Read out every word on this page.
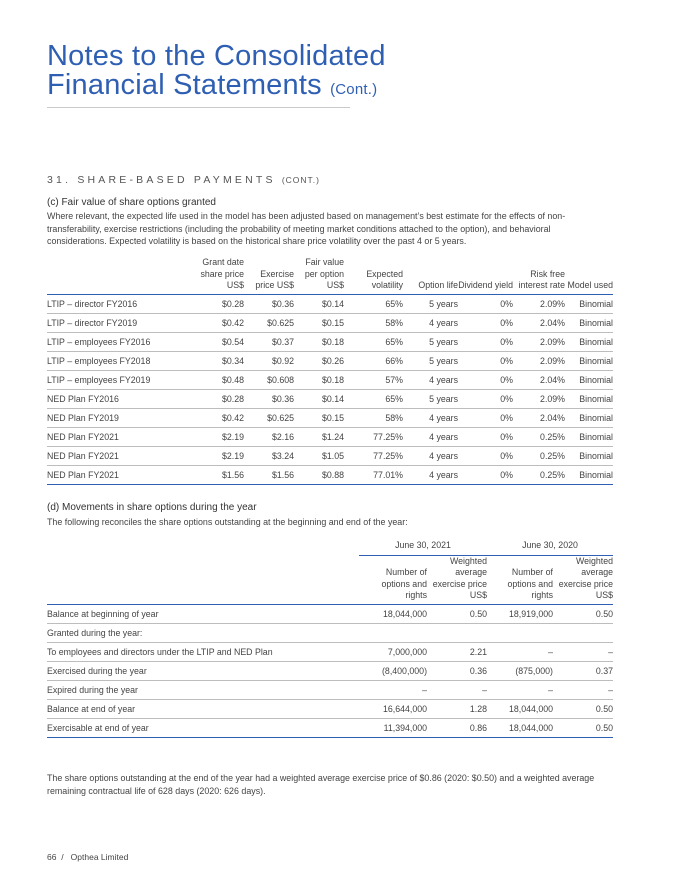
Notes to the Consolidated
Financial Statements (Cont.)
31. SHARE-BASED PAYMENTS (CONT.)
(c) Fair value of share options granted
Where relevant, the expected life used in the model has been adjusted based on management’s best estimate for the effects of non-transferability, exercise restrictions (including the probability of meeting market conditions attached to the option), and behavioral considerations. Expected volatility is based on the historical share price volatility over the past 4 or 5 years.
	Grant date share price US$	Exercise price US$	Fair value per option US$	Expected volatility	Option life	Dividend yield	Risk free interest rate	Model used
LTIP – director FY2016	$0.28	$0.36	$0.14	65%	5 years	0%	2.09%	Binomial
LTIP – director FY2019	$0.42	$0.625	$0.15	58%	4 years	0%	2.04%	Binomial
LTIP – employees FY2016	$0.54	$0.37	$0.18	65%	5 years	0%	2.09%	Binomial
LTIP – employees FY2018	$0.34	$0.92	$0.26	66%	5 years	0%	2.09%	Binomial
LTIP – employees FY2019	$0.48	$0.608	$0.18	57%	4 years	0%	2.04%	Binomial
NED Plan FY2016	$0.28	$0.36	$0.14	65%	5 years	0%	2.09%	Binomial
NED Plan FY2019	$0.42	$0.625	$0.15	58%	4 years	0%	2.04%	Binomial
NED Plan FY2021	$2.19	$2.16	$1.24	77.25%	4 years	0%	0.25%	Binomial
NED Plan FY2021	$2.19	$3.24	$1.05	77.25%	4 years	0%	0.25%	Binomial
NED Plan FY2021	$1.56	$1.56	$0.88	77.01%	4 years	0%	0.25%	Binomial
(d) Movements in share options during the year
The following reconciles the share options outstanding at the beginning and end of the year:
	June 30, 2021		June 30, 2020	
	Number of options and rights	Weighted average exercise price US$	Number of options and rights	Weighted average exercise price US$
Balance at beginning of year	18,044,000	0.50	18,919,000	0.50
Granted during the year:				
To employees and directors under the LTIP and NED Plan	7,000,000	2.21	–	–
Exercised during the year	(8,400,000)	0.36	(875,000)	0.37
Expired during the year	–	–	–	–
Balance at end of year	16,644,000	1.28	18,044,000	0.50
Exercisable at end of year	11,394,000	0.86	18,044,000	0.50
The share options outstanding at the end of the year had a weighted average exercise price of $0.86 (2020: $0.50) and a weighted average remaining contractual life of 628 days (2020: 626 days).
66 / Opthea Limited
